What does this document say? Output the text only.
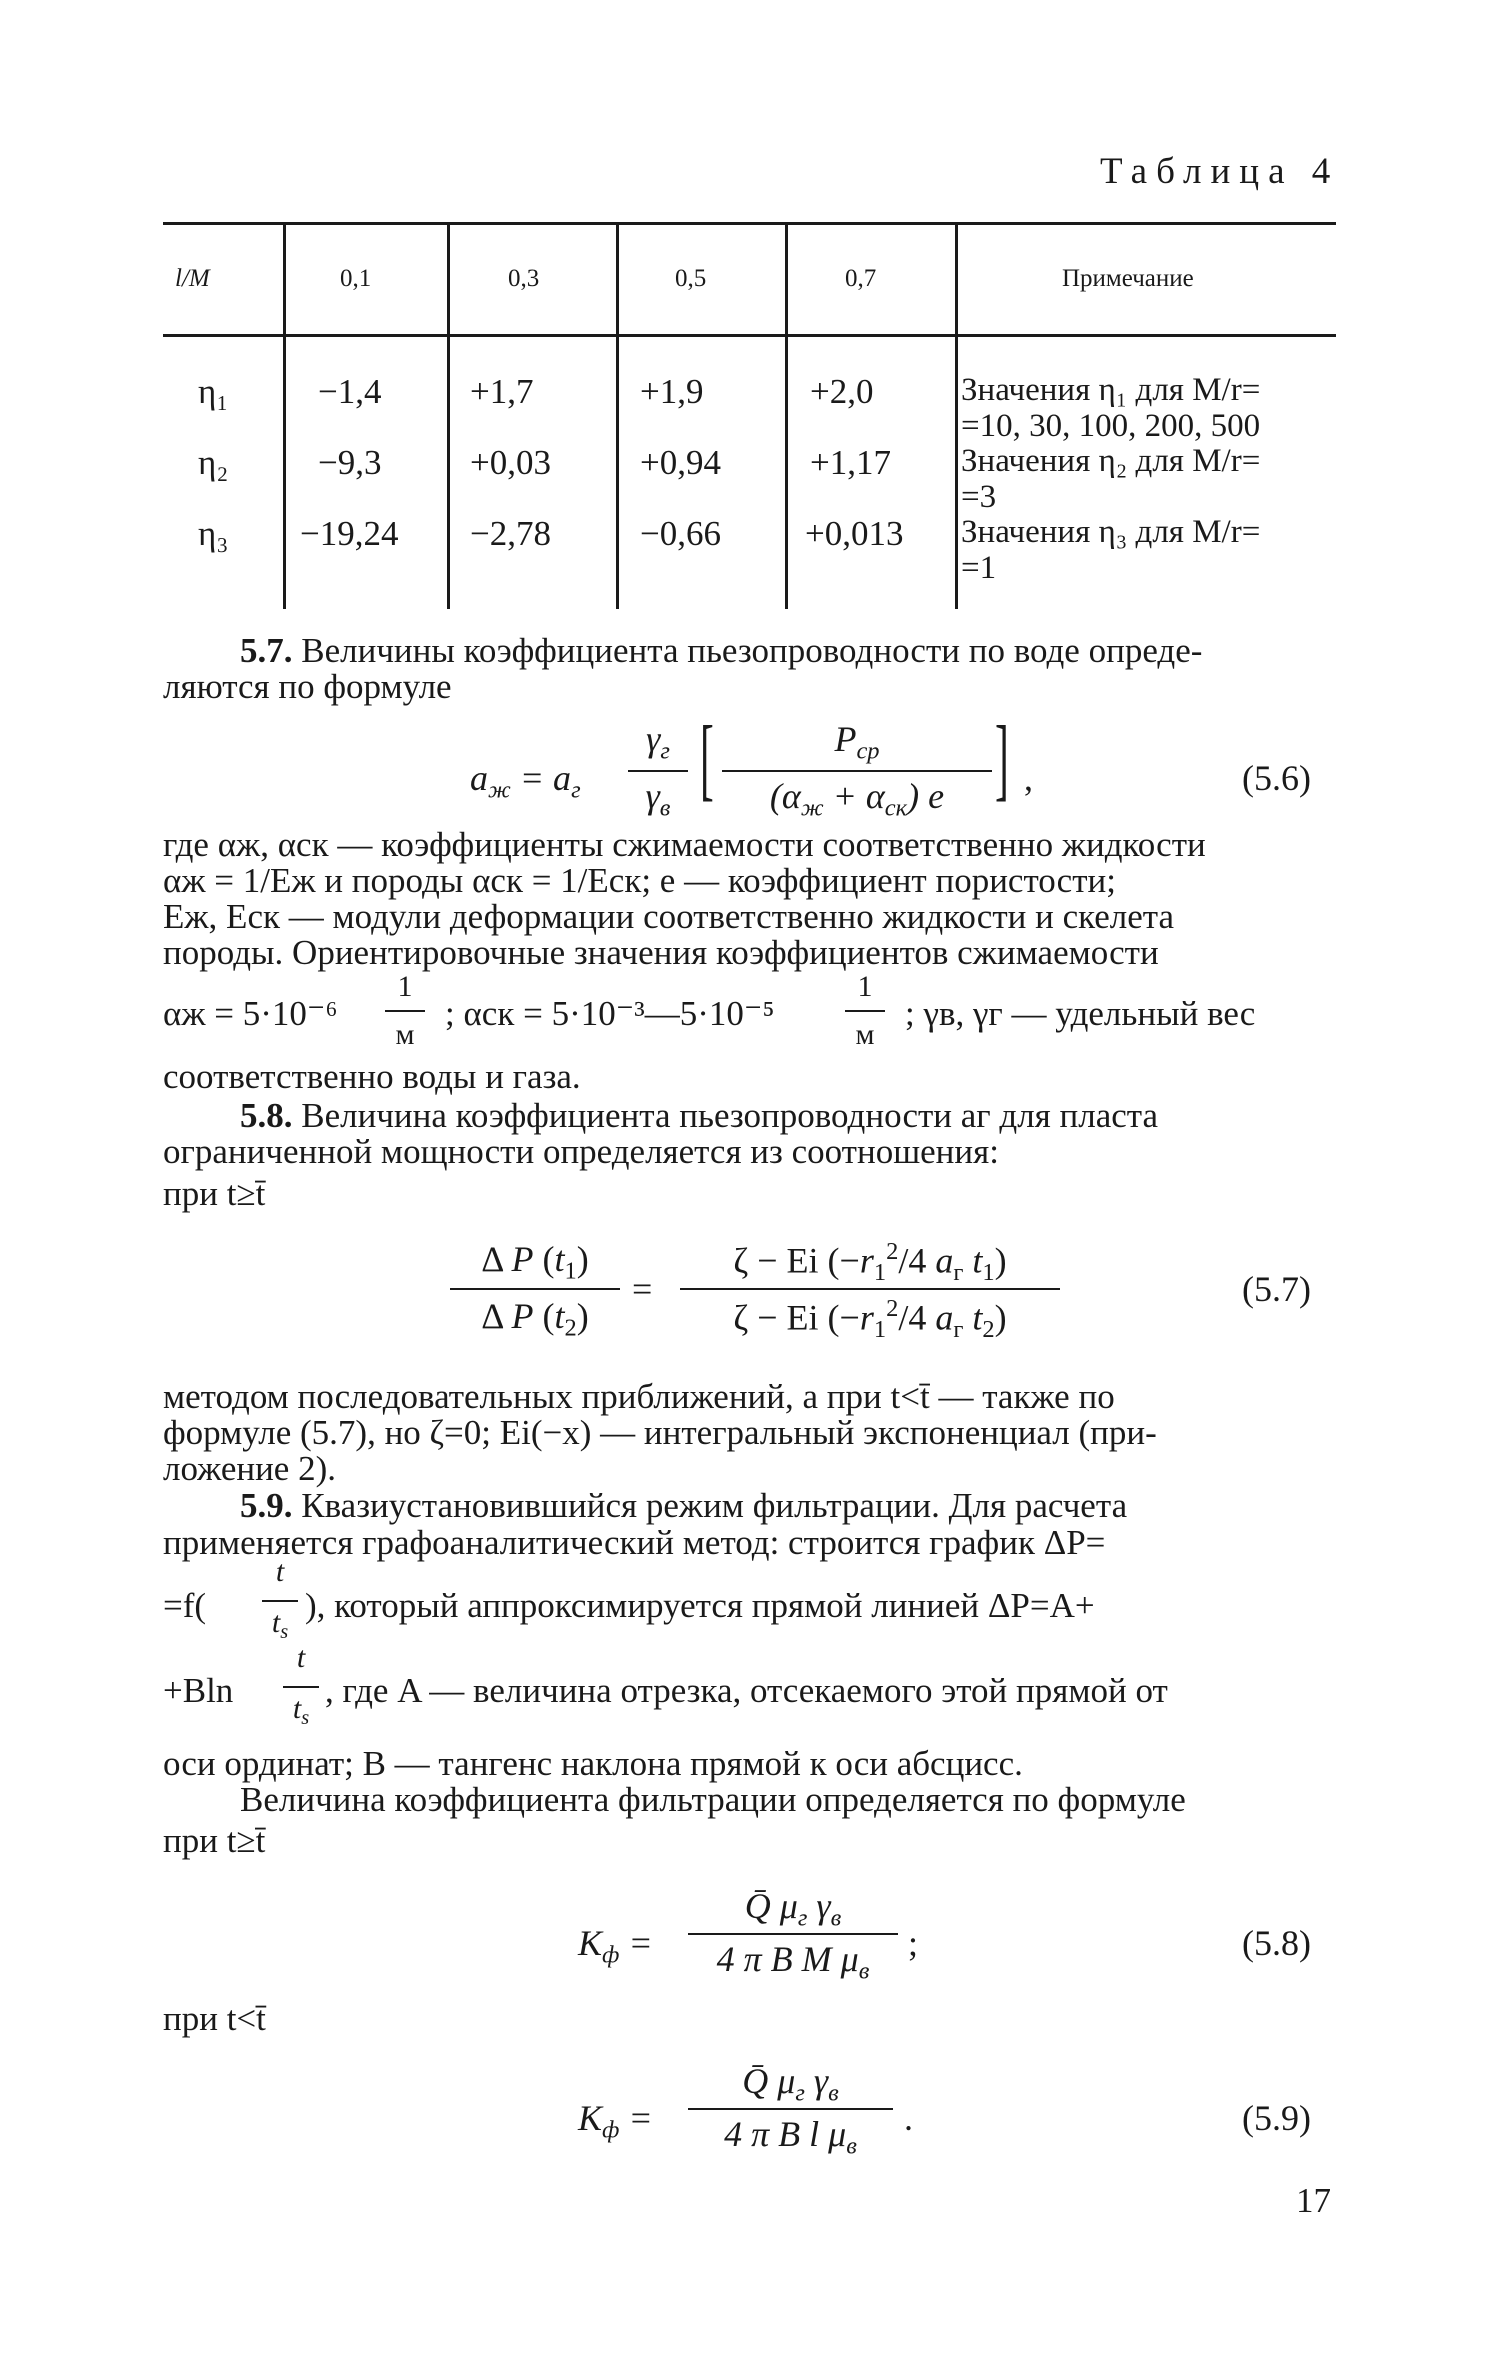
Таблица 4
l/M	0,1	0,3	0,5	0,7	Примечание
η₁	−1,4	+1,7	+1,9	+2,0	Значения η₁ для M/r=
=10, 30, 100, 200, 500
η₂	−9,3	+0,03	+0,94	+1,17 Значения η₂ для M/r=
=3
η₃ −19,24 −2,78	−0,66 +0,013 Значения η₃ для M/r=
=1
5.7. Величины коэффициента пьезопроводности по воде опреде-
ляются по формуле
$a_ж = a_г$
$\gamma_г$
$\gamma_в$ [	$P_{ср}$
$(\alpha_ж + \alpha_{ск})$ e ] ,	(5.6)
где αж, αск — коэффициенты сжимаемости соответственно жидкости
αж = 1/Eж и породы αск = 1/Eск; e — коэффициент пористости;
Eж, Eск — модули деформации соответственно жидкости и скелета
породы. Ориентировочные значения коэффициентов сжимаемости
αж = 5·10⁻⁶
1
м
; αск = 5·10⁻³—5·10⁻⁵
1
м
; γв, γг — удельный вес
соответственно воды и газа.
5.8. Величина коэффициента пьезопроводности aг для пласта
ограниченной мощности определяется из соотношения:
при t≥t̄
Δ P $(t_1)$
Δ P $(t_2)$
=
ζ − Ei ($-r_1^2/4$ $a_г$ $t_1$)
ζ − Ei ($-r_1^2/4$ $a_г$ $t_2$)
(5.7)
методом последовательных приближений, а при t<t̄ — также по
формуле (5.7), но ζ=0; Ei(−x) — интегральный экспоненциал (при-
ложение 2).
5.9. Квазиустановившийся режим фильтрации. Для расчета
применяется графоаналитический метод: строится график ΔP=
=f(
t
$t_s$
), который аппроксимируется прямой линией ΔP=A+
+Bln
t
$t_s$
, где A — величина отрезка, отсекаемого этой прямой от
оси ординат; B — тангенс наклона прямой к оси абсцисс.
Величина коэффициента фильтрации определяется по формуле
при t≥t̄
$K_ф$ =
Q̄ $\mu_г$ $\gamma_в$
4 π B M $\mu_в$
;	(5.8)
при t<t̄
$K_ф$ =
Q̄ $\mu_г$ $\gamma_в$
4 π B l $\mu_в$
.	(5.9)
17
